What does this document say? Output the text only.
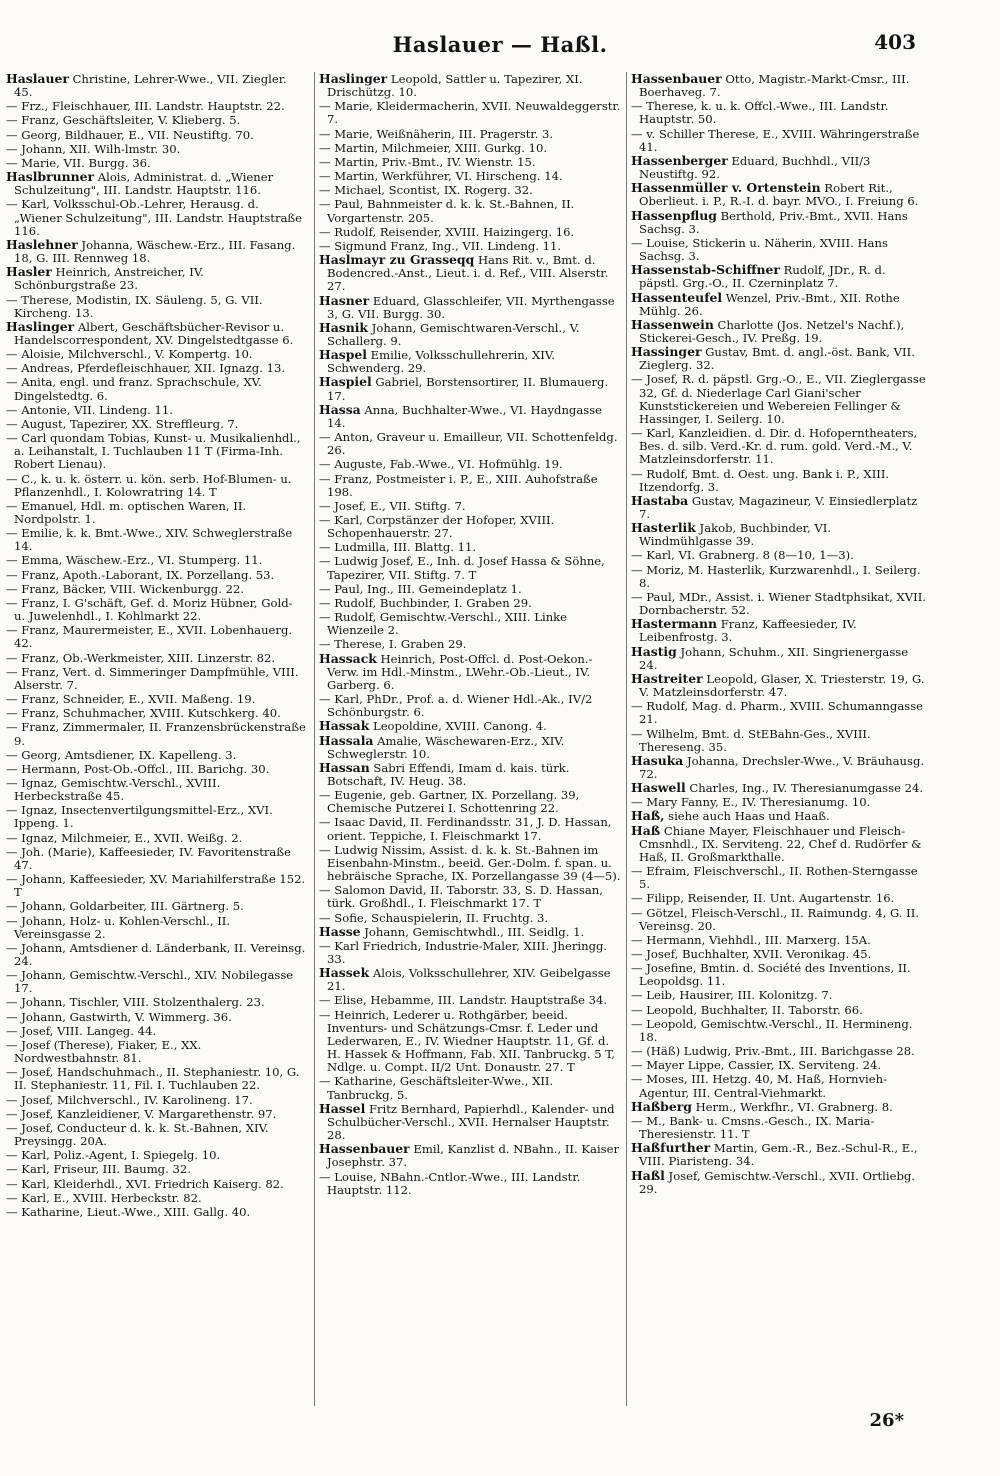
Haslauer — Haßl.	403

Haslauer Christine, Lehrer-Wwe., VII. Ziegler. 45.

— Frz., Fleischhauer, III. Landstr. Hauptstr. 22.

— Franz, Geschäftsleiter, V. Klieberg. 5.

— Georg, Bildhauer, E., VII. Neustiftg. 70.

— Johann, XII. Wilh-lmstr. 30.

— Marie, VII. Burgg. 36.

Haslbrunner Alois, Administrat. d. „Wiener Schulzeitung", III. Landstr. Hauptstr. 116.

— Karl, Volksschul-Ob.-Lehrer, Herausg. d. „Wiener Schulzeitung", III. Landstr. Hauptstraße 116.

Haslehner Johanna, Wäschew.-Erz., III. Fasang. 18, G. III. Rennweg 18.

Hasler Heinrich, Anstreicher, IV. Schönburgstraße 23.

— Therese, Modistin, IX. Säuleng. 5, G. VII. Kircheng. 13.

Haslinger Albert, Geschäftsbücher-Revisor u. Handelscorrespondent, XV. Dingelstedtgasse 6.

— Aloisie, Milchverschl., V. Kompertg. 10.

— Andreas, Pferdefleischhauer, XII. Ignazg. 13.

— Anita, engl. und franz. Sprachschule, XV. Dingelstedtg. 6.

— Antonie, VII. Lindeng. 11.

— August, Tapezirer, XX. Streffleurg. 7.

— Carl quondam Tobias, Kunst- u. Musikalienhdl., a. Leihanstalt, I. Tuchlauben 11 T (Firma-Inh. Robert Lienau).

— C., k. u. k. österr. u. kön. serb. Hof-Blumen- u. Pflanzenhdl., I. Kolowratring 14. T

— Emanuel, Hdl. m. optischen Waren, II. Nordpolstr. 1.

— Emilie, k. k. Bmt.-Wwe., XIV. Schweglerstraße 14.

— Emma, Wäschew.-Erz., VI. Stumperg. 11.

— Franz, Apoth.-Laborant, IX. Porzellang. 53.

— Franz, Bäcker, VIII. Wickenburgg. 22.

— Franz, I. G'schäft, Gef. d. Moriz Hübner, Gold- u. Juwelenhdl., I. Kohlmarkt 22.

— Franz, Maurermeister, E., XVII. Lobenhauerg. 42.

— Franz, Ob.-Werkmeister, XIII. Linzerstr. 82.

— Franz, Vert. d. Simmeringer Dampfmühle, VIII. Alserstr. 7.

— Franz, Schneider, E., XVII. Maßeng. 19.

— Franz, Schuhmacher, XVIII. Kutschkerg. 40.

— Franz, Zimmermaler, II. Franzensbrückenstraße 9.

— Georg, Amtsdiener, IX. Kapelleng. 3.

— Hermann, Post-Ob.-Offcl., III. Barichg. 30.

— Ignaz, Gemischtw.-Verschl., XVIII. Herbeckstraße 45.

— Ignaz, Insectenvertilgungsmittel-Erz., XVI. Ippeng. 1.

— Ignaz, Milchmeier, E., XVII. Weißg. 2.

— Joh. (Marie), Kaffeesieder, IV. Favoritenstraße 47.

— Johann, Kaffeesieder, XV. Mariahilferstraße 152. T

— Johann, Goldarbeiter, III. Gärtnerg. 5.

— Johann, Holz- u. Kohlen-Verschl., II. Vereinsgasse 2.

— Johann, Amtsdiener d. Länderbank, II. Vereinsg. 24.

— Johann, Gemischtw.-Verschl., XIV. Nobilegasse 17.

— Johann, Tischler, VIII. Stolzenthalerg. 23.

— Johann, Gastwirth, V. Wimmerg. 36.

— Josef, VIII. Langeg. 44.

— Josef (Therese), Fiaker, E., XX. Nordwestbahnstr. 81.

— Josef, Handschuhmach., II. Stephaniestr. 10, G. II. Stephaniestr. 11, Fil. I. Tuchlauben 22.

— Josef, Milchverschl., IV. Karolineng. 17.

— Josef, Kanzleidiener, V. Margarethenstr. 97.

— Josef, Conducteur d. k. k. St.-Bahnen, XIV. Preysingg. 20A.

— Karl, Poliz.-Agent, I. Spiegelg. 10.

— Karl, Friseur, III. Baumg. 32.

— Karl, Kleiderhdl., XVI. Friedrich Kaiserg. 82.

— Karl, E., XVIII. Herbeckstr. 82.

— Katharine, Lieut.-Wwe., XIII. Gallg. 40.

Haslinger Leopold, Sattler u. Tapezirer, XI. Drischützg. 10.

— Marie, Kleidermacherin, XVII. Neuwaldeggerstr. 7.

— Marie, Weißnäherin, III. Pragerstr. 3.

— Martin, Milchmeier, XIII. Gurkg. 10.

— Martin, Priv.-Bmt., IV. Wienstr. 15.

— Martin, Werkführer, VI. Hirscheng. 14.

— Michael, Scontist, IX. Rogerg. 32.

— Paul, Bahnmeister d. k. k. St.-Bahnen, II. Vorgartenstr. 205.

— Rudolf, Reisender, XVIII. Haizingerg. 16.

— Sigmund Franz, Ing., VII. Lindeng. 11.

Haslmayr zu Grasseqq Hans Rit. v., Bmt. d. Bodencred.-Anst., Lieut. i. d. Ref., VIII. Alserstr. 27.

Hasner Eduard, Glasschleifer, VII. Myrthengasse 3, G. VII. Burgg. 30.

Hasnik Johann, Gemischtwaren-Verschl., V. Schallerg. 9.

Haspel Emilie, Volksschullehrerin, XIV. Schwenderg. 29.

Haspiel Gabriel, Borstensortirer, II. Blumauerg. 17.

Hassa Anna, Buchhalter-Wwe., VI. Haydngasse 14.

— Anton, Graveur u. Emailleur, VII. Schottenfeldg. 26.

— Auguste, Fab.-Wwe., VI. Hofmühlg. 19.

— Franz, Postmeister i. P., E., XIII. Auhofstraße 198.

— Josef, E., VII. Stiftg. 7.

— Karl, Corpstänzer der Hofoper, XVIII. Schopenhauerstr. 27.

— Ludmilla, III. Blattg. 11.

— Ludwig Josef, E., Inh. d. Josef Hassa & Söhne, Tapezirer, VII. Stiftg. 7. T

— Paul, Ing., III. Gemeindeplatz 1.

— Rudolf, Buchbinder, I. Graben 29.

— Rudolf, Gemischtw.-Verschl., XIII. Linke Wienzeile 2.

— Therese, I. Graben 29.

Hassack Heinrich, Post-Offcl. d. Post-Oekon.-Verw. im Hdl.-Minstm., LWehr.-Ob.-Lieut., IV. Garberg. 6.

— Karl, PhDr., Prof. a. d. Wiener Hdl.-Ak., IV/2 Schönburgstr. 6.

Hassak Leopoldine, XVIII. Canong. 4.

Hassala Amalie, Wäschewaren-Erz., XIV. Schweglerstr. 10.

Hassan Sabri Effendi, Imam d. kais. türk. Botschaft, IV. Heug. 38.

— Eugenie, geb. Gartner, IX. Porzellang. 39, Chemische Putzerei I. Schottenring 22.

— Isaac David, II. Ferdinandsstr. 31, J. D. Hassan, orient. Teppiche, I. Fleischmarkt 17.

— Ludwig Nissim, Assist. d. k. k. St.-Bahnen im Eisenbahn-Minstm., beeid. Ger.-Dolm. f. span. u. hebräische Sprache, IX. Porzellangasse 39 (4—5).

— Salomon David, II. Taborstr. 33, S. D. Hassan, türk. Großhdl., I. Fleischmarkt 17. T

— Sofie, Schauspielerin, II. Fruchtg. 3.

Hasse Johann, Gemischtwhdl., III. Seidlg. 1.

— Karl Friedrich, Industrie-Maler, XIII. Jheringg. 33.

Hassek Alois, Volksschullehrer, XIV. Geibelgasse 21.

— Elise, Hebamme, III. Landstr. Hauptstraße 34.

— Heinrich, Lederer u. Rothgärber, beeid. Inventurs- und Schätzungs-Cmsr. f. Leder und Lederwaren, E., IV. Wiedner Hauptstr. 11, Gf. d. H. Hassek & Hoffmann, Fab. XII. Tanbruckg. 5 T, Ndlge. u. Compt. II/2 Unt. Donaustr. 27. T

— Katharine, Geschäftsleiter-Wwe., XII. Tanbruckg. 5.

Hassel Fritz Bernhard, Papierhdl., Kalender- und Schulbücher-Verschl., XVII. Hernalser Hauptstr. 28.

Hassenbauer Emil, Kanzlist d. NBahn., II. Kaiser Josephstr. 37.

— Louise, NBahn.-Cntlor.-Wwe., III. Landstr. Hauptstr. 112.

Hassenbauer Otto, Magistr.-Markt-Cmsr., III. Boerhaveg. 7.

— Therese, k. u. k. Offcl.-Wwe., III. Landstr. Hauptstr. 50.

— v. Schiller Therese, E., XVIII. Währingerstraße 41.

Hassenberger Eduard, Buchhdl., VII/3 Neustiftg. 92.

Hassenmüller v. Ortenstein Robert Rit., Oberlieut. i. P., R.-I. d. bayr. MVO., I. Freiung 6.

Hassenpflug Berthold, Priv.-Bmt., XVII. Hans Sachsg. 3.

— Louise, Stickerin u. Näherin, XVIII. Hans Sachsg. 3.

Hassenstab-Schiffner Rudolf, JDr., R. d. päpstl. Grg.-O., II. Czerninplatz 7.

Hassenteufel Wenzel, Priv.-Bmt., XII. Rothe Mühlg. 26.

Hassenwein Charlotte (Jos. Netzel's Nachf.), Stickerei-Gesch., IV. Preßg. 19.

Hassinger Gustav, Bmt. d. angl.-öst. Bank, VII. Zieglerg. 32.

— Josef, R. d. päpstl. Grg.-O., E., VII. Zieglergasse 32, Gf. d. Niederlage Carl Giani'scher Kunststickereien und Webereien Fellinger & Hassinger, I. Seilerg. 10.

— Karl, Kanzleidien. d. Dir. d. Hofoperntheaters, Bes. d. silb. Verd.-Kr. d. rum. gold. Verd.-M., V. Matzleinsdorferstr. 11.

— Rudolf, Bmt. d. Oest. ung. Bank i. P., XIII. Itzendorfg. 3.

Hastaba Gustav, Magazineur, V. Einsiedlerplatz 7.

Hasterlik Jakob, Buchbinder, VI. Windmühlgasse 39.

— Karl, VI. Grabnerg. 8 (8—10, 1—3).

— Moriz, M. Hasterlik, Kurzwarenhdl., I. Seilerg. 8.

— Paul, MDr., Assist. i. Wiener Stadtphsikat, XVII. Dornbacherstr. 52.

Hastermann Franz, Kaffeesieder, IV. Leibenfrostg. 3.

Hastig Johann, Schuhm., XII. Singrienergasse 24.

Hastreiter Leopold, Glaser, X. Triesterstr. 19, G. V. Matzleinsdorferstr. 47.

— Rudolf, Mag. d. Pharm., XVIII. Schumanngasse 21.

— Wilhelm, Bmt. d. StEBahn-Ges., XVIII. Thereseng. 35.

Hasuka Johanna, Drechsler-Wwe., V. Bräuhausg. 72.

Haswell Charles, Ing., IV. Theresianumgasse 24.

— Mary Fanny, E., IV. Theresianumg. 10.

Haß, siehe auch Haas und Haaß.

Haß Chiane Mayer, Fleischhauer und Fleisch-Cmsnhdl., IX. Serviteng. 22, Chef d. Rudörfer & Haß, II. Großmarkthalle.

— Efraim, Fleischverschl., II. Rothen-Sterngasse 5.

— Filipp, Reisender, II. Unt. Augartenstr. 16.

— Götzel, Fleisch-Verschl., II. Raimundg. 4, G. II. Vereinsg. 20.

— Hermann, Viehhdl., III. Marxerg. 15A.

— Josef, Buchhalter, XVII. Veronikag. 45.

— Josefine, Bmtin. d. Société des Inventions, II. Leopoldsg. 11.

— Leib, Hausirer, III. Kolonitzg. 7.

— Leopold, Buchhalter, II. Taborstr. 66.

— Leopold, Gemischtw.-Verschl., II. Hermineng. 18.

— (Häß) Ludwig, Priv.-Bmt., III. Barichgasse 28.

— Mayer Lippe, Cassier, IX. Serviteng. 24.

— Moses, III. Hetzg. 40, M. Haß, Hornvieh-Agentur, III. Central-Viehmarkt.

Haßberg Herm., Werkfhr., VI. Grabnerg. 8.

— M., Bank- u. Cmsns.-Gesch., IX. Maria-Theresienstr. 11. T

Haßfurther Martin, Gem.-R., Bez.-Schul-R., E., VIII. Piaristeng. 34.

Haßl Josef, Gemischtw.-Verschl., XVII. Ortliebg. 29.

26*
